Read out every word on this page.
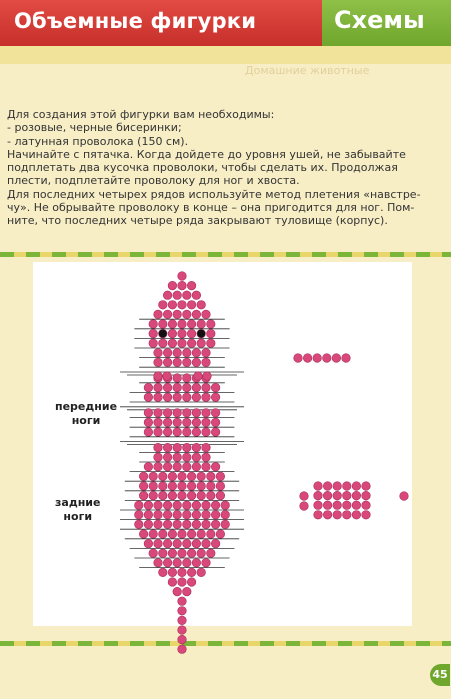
Объемные фигурки	Схемы
Домашние животные
Для создания этой фигурки вам необходимы:
- розовые, черные бисеринки;
- латунная проволока (150 см).
Начинайте с пятачка. Когда дойдете до уровня ушей, не забывайте
подплетать два кусочка проволоки, чтобы сделать их. Продолжая
плести, подплетайте проволоку для ног и хвоста.
Для последних четырех рядов используйте метод плетения «навстре-
чу». Не обрывайте проволоку в конце – она пригодится для ног. Пом-
ните, что последних четыре ряда закрывают туловище (корпус).
передние
ноги
задние
ноги
45
